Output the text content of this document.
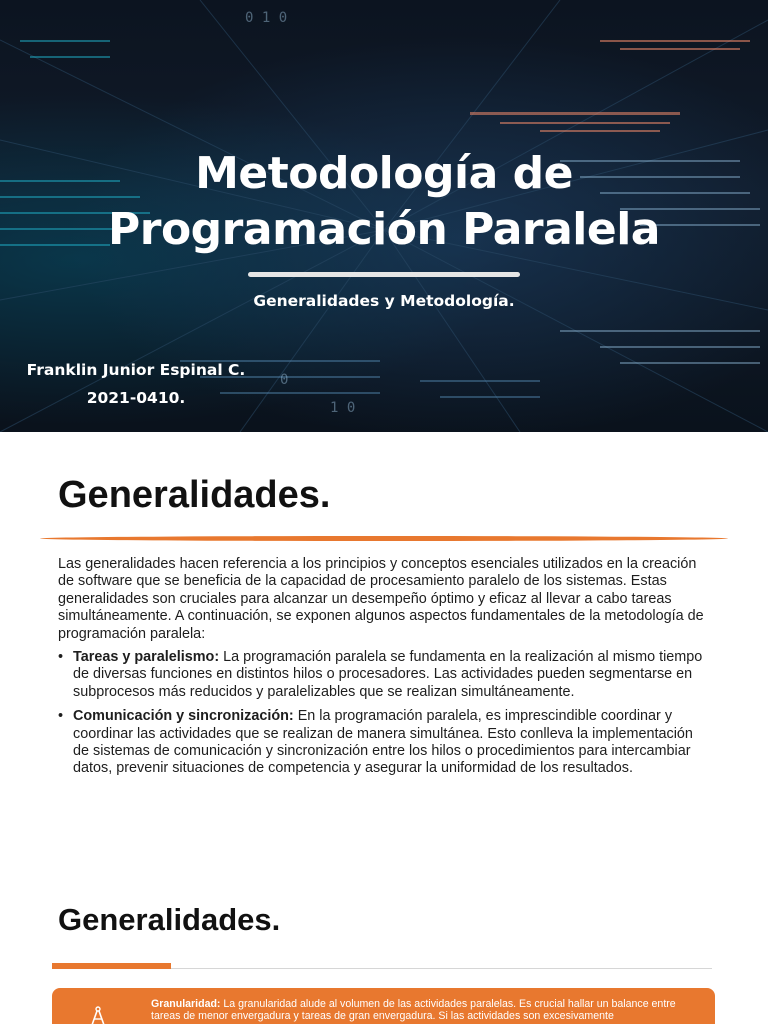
0 1 0
1 0
0
Metodología de
Programación Paralela
Generalidades y Metodología.
Franklin Junior Espinal C.
2021-0410.
Generalidades.

Las generalidades hacen referencia a los principios y conceptos esenciales utilizados en la creación de software que se beneficia de la capacidad de procesamiento paralelo de los sistemas. Estas generalidades son cruciales para alcanzar un desempeño óptimo y eficaz al llevar a cabo tareas simultáneamente. A continuación, se exponen algunos aspectos fundamentales de la metodología de programación paralela:

• Tareas y paralelismo: La programación paralela se fundamenta en la realización al mismo tiempo de diversas funciones en distintos hilos o procesadores. Las actividades pueden segmentarse en subprocesos más reducidos y paralelizables que se realizan simultáneamente.
• Comunicación y sincronización: En la programación paralela, es imprescindible coordinar y coordinar las actividades que se realizan de manera simultánea. Esto conlleva la implementación de sistemas de comunicación y sincronización entre los hilos o procedimientos para intercambiar datos, prevenir situaciones de competencia y asegurar la uniformidad de los resultados.
Generalidades.
Granularidad: La granularidad alude al volumen de las actividades paralelas. Es crucial hallar un balance entre tareas de menor envergadura y tareas de gran envergadura. Si las actividades son excesivamente
